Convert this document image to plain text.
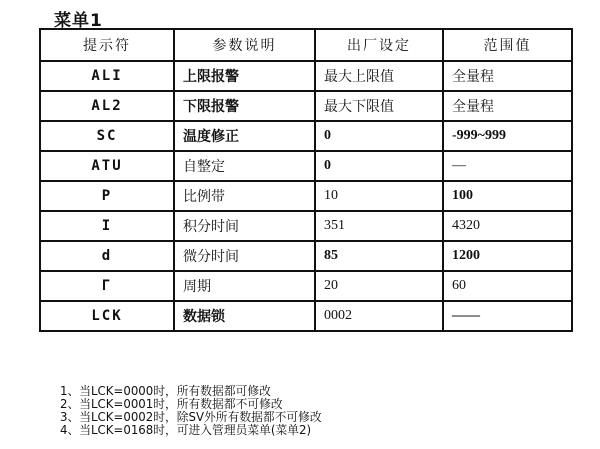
菜单1
提示符	参数说明	出厂设定	范围值
ALI	上限报警	最大上限值	全量程
AL2	下限报警	最大下限值	全量程
SC	温度修正	0	-999~999
ATU	自整定	0	—
P	比例带	10	100
I	积分时间	351	4320
d	微分时间	85	1200
Γ	周期	20	60
LCK	数据锁	0002	——
1、当LCK=0000时，所有数据都可修改
2、当LCK=0001时，所有数据都不可修改
3、当LCK=0002时，除SV外所有数据都不可修改
4、当LCK=0168时，可进入管理员菜单(菜单2)
